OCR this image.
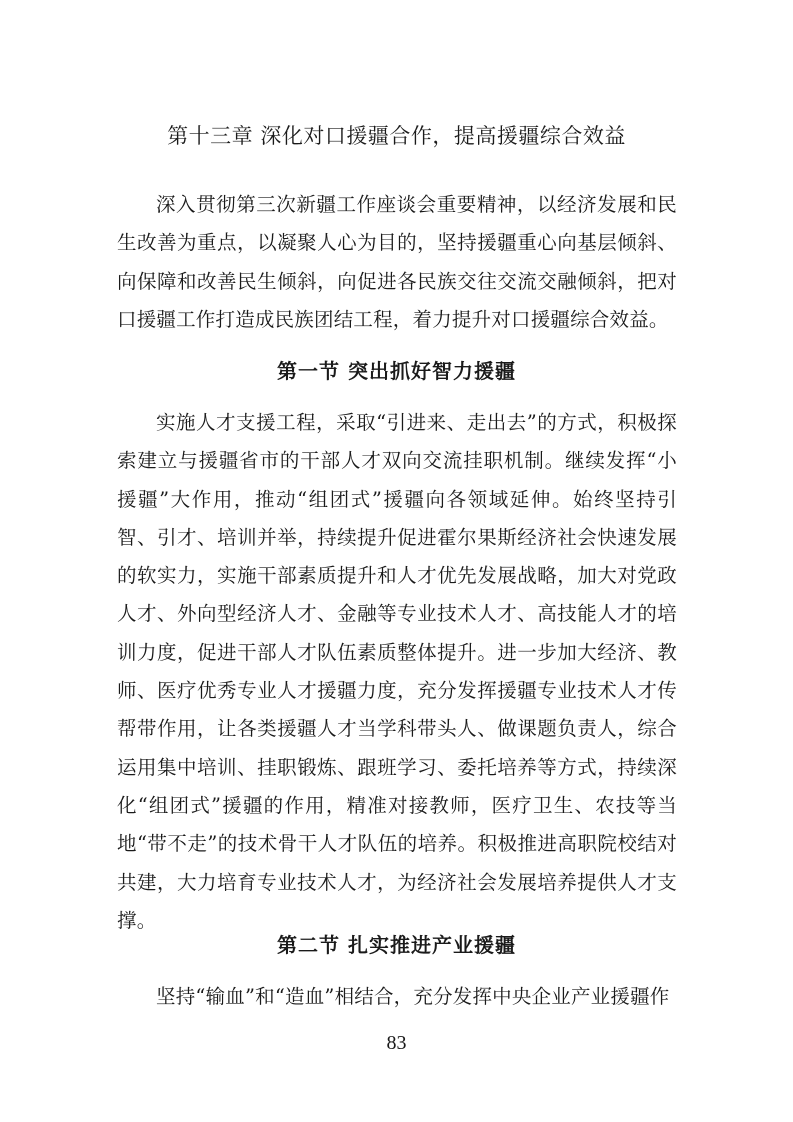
第十三章 深化对口援疆合作，提高援疆综合效益

深入贯彻第三次新疆工作座谈会重要精神，以经济发展和民生改善为重点，以凝聚人心为目的，坚持援疆重心向基层倾斜、向保障和改善民生倾斜，向促进各民族交往交流交融倾斜，把对口援疆工作打造成民族团结工程，着力提升对口援疆综合效益。

第一节 突出抓好智力援疆

实施人才支援工程，采取“引进来、走出去”的方式，积极探索建立与援疆省市的干部人才双向交流挂职机制。继续发挥“小援疆”大作用，推动“组团式”援疆向各领域延伸。始终坚持引智、引才、培训并举，持续提升促进霍尔果斯经济社会快速发展的软实力，实施干部素质提升和人才优先发展战略，加大对党政人才、外向型经济人才、金融等专业技术人才、高技能人才的培训力度，促进干部人才队伍素质整体提升。进一步加大经济、教师、医疗优秀专业人才援疆力度，充分发挥援疆专业技术人才传帮带作用，让各类援疆人才当学科带头人、做课题负责人，综合运用集中培训、挂职锻炼、跟班学习、委托培养等方式，持续深化“组团式”援疆的作用，精准对接教师，医疗卫生、农技等当地“带不走”的技术骨干人才队伍的培养。积极推进高职院校结对共建，大力培育专业技术人才，为经济社会发展培养提供人才支撑。

第二节 扎实推进产业援疆

坚持“输血”和“造血”相结合，充分发挥中央企业产业援疆作

83
